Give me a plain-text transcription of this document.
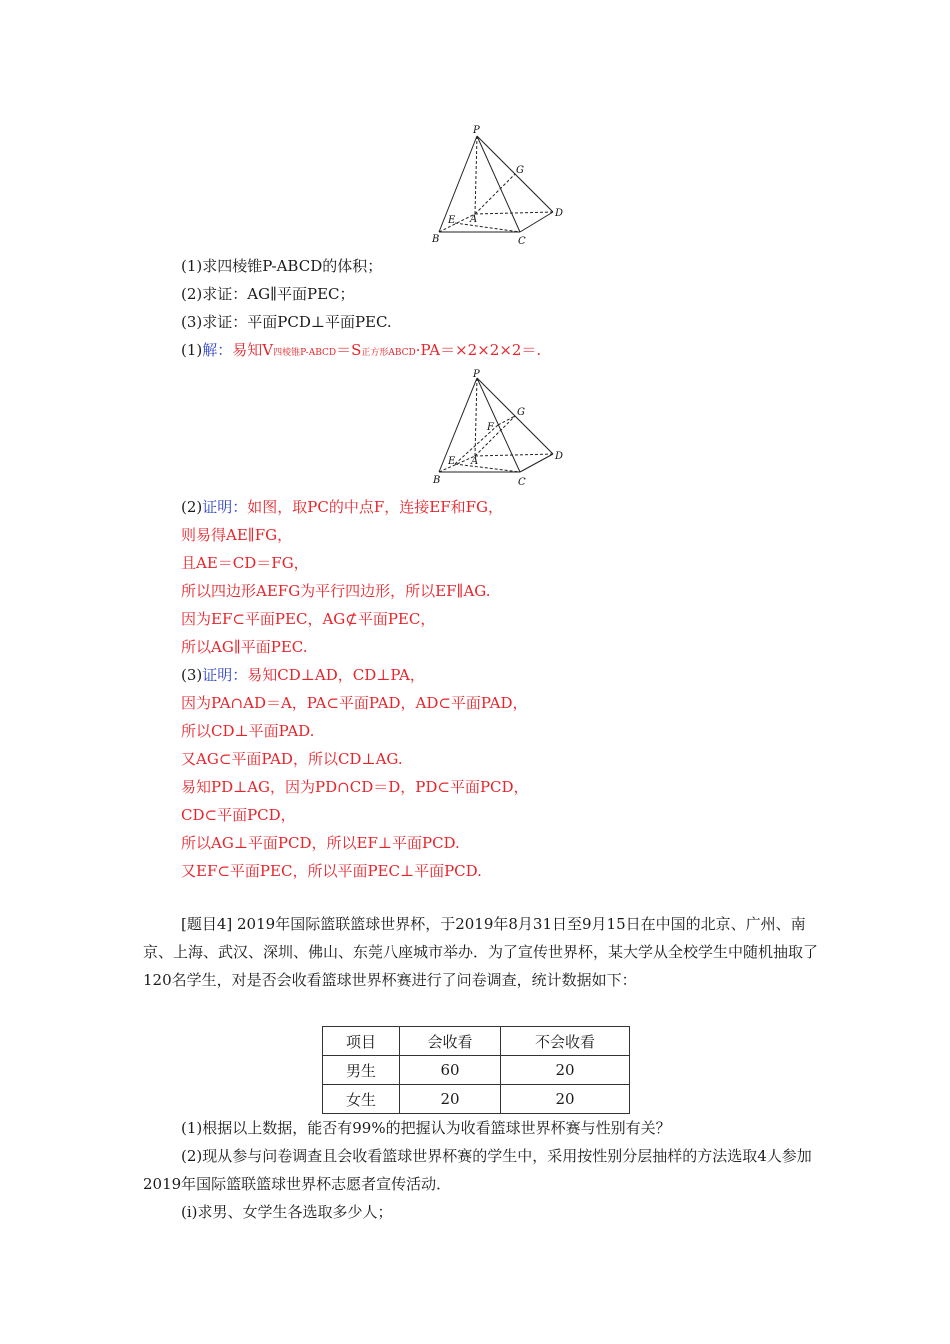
P
G
E A
D
B	C
(1)求四棱锥P-ABCD的体积；
(2)求证：AG∥平面PEC；
(3)求证：平面PCD⊥平面PEC.
(1)解：易知V四棱锥P-ABCD＝S正方形ABCD·PA＝×2×2×2＝.
P
G
F
E A	D
B	C
(2)证明：如图，取PC的中点F，连接EF和FG，
则易得AE∥FG，
且AE＝CD＝FG，
所以四边形AEFG为平行四边形，所以EF∥AG.
因为EF⊂平面PEC，AG⊄平面PEC，
所以AG∥平面PEC.
(3)证明：易知CD⊥AD，CD⊥PA，
因为PA∩AD＝A，PA⊂平面PAD，AD⊂平面PAD，
所以CD⊥平面PAD.
又AG⊂平面PAD，所以CD⊥AG.
易知PD⊥AG，因为PD∩CD＝D，PD⊂平面PCD，
CD⊂平面PCD，
所以AG⊥平面PCD，所以EF⊥平面PCD.
又EF⊂平面PEC，所以平面PEC⊥平面PCD.
[题目4] 2019年国际篮联篮球世界杯，于2019年8月31日至9月15日在中国的北京、广州、南京、上海、武汉、深圳、佛山、东莞八座城市举办．为了宣传世界杯，某大学从全校学生中随机抽取了120名学生，对是否会收看篮球世界杯赛进行了问卷调查，统计数据如下：
项目	会收看	不会收看
男生	60	20
女生	20	20
(1)根据以上数据，能否有99%的把握认为收看篮球世界杯赛与性别有关？
(2)现从参与问卷调查且会收看篮球世界杯赛的学生中，采用按性别分层抽样的方法选取4人参加2019年国际篮联篮球世界杯志愿者宣传活动．
(ⅰ)求男、女学生各选取多少人；
